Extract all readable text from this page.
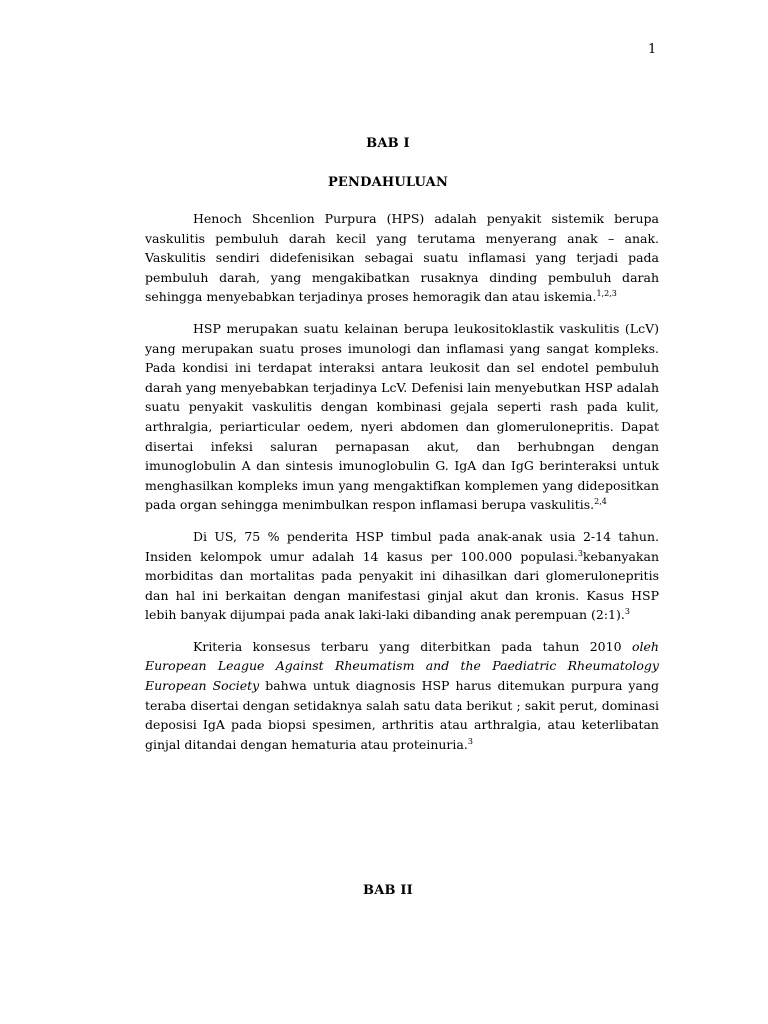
1
BAB I
PENDAHULUAN

Henoch Shcenlion Purpura (HPS) adalah penyakit sistemik berupa vaskulitis pembuluh darah kecil yang terutama menyerang anak – anak. Vaskulitis sendiri didefenisikan sebagai suatu inflamasi yang terjadi pada pembuluh darah, yang mengakibatkan rusaknya dinding pembuluh darah sehingga menyebabkan terjadinya proses hemoragik dan atau iskemia.$^{1,2,3}$

HSP merupakan suatu kelainan berupa leukositoklastik vaskulitis (LcV) yang merupakan suatu proses imunologi dan inflamasi yang sangat kompleks. Pada kondisi ini terdapat interaksi antara leukosit dan sel endotel pembuluh darah yang menyebabkan terjadinya LcV. Defenisi lain menyebutkan HSP adalah suatu penyakit vaskulitis dengan kombinasi gejala seperti rash pada kulit, arthralgia, periarticular oedem, nyeri abdomen dan glomerulonepritis. Dapat disertai infeksi saluran pernapasan akut, dan berhubngan dengan imunoglobulin A dan sintesis imunoglobulin G. IgA dan IgG berinteraksi untuk menghasilkan kompleks imun yang mengaktifkan komplemen yang didepositkan pada organ sehingga menimbulkan respon inflamasi berupa vaskulitis.$^{2,4}$

Di US, 75 % penderita HSP timbul pada anak-anak usia 2-14 tahun. Insiden kelompok umur adalah 14 kasus per 100.000 populasi.$^3$kebanyakan morbiditas dan mortalitas pada penyakit ini dihasilkan dari glomerulonepritis dan hal ini berkaitan dengan manifestasi ginjal akut dan kronis. Kasus HSP lebih banyak dijumpai pada anak laki-laki dibanding anak perempuan (2:1).$^3$

Kriteria konsesus terbaru yang diterbitkan pada tahun 2010 oleh European League Against Rheumatism and the Paediatric Rheumatology European Society bahwa untuk diagnosis HSP harus ditemukan purpura yang teraba disertai dengan setidaknya salah satu data berikut ; sakit perut, dominasi deposisi IgA pada biopsi spesimen, arthritis atau arthralgia, atau keterlibatan ginjal ditandai dengan hematuria atau proteinuria.$^3$

BAB II
